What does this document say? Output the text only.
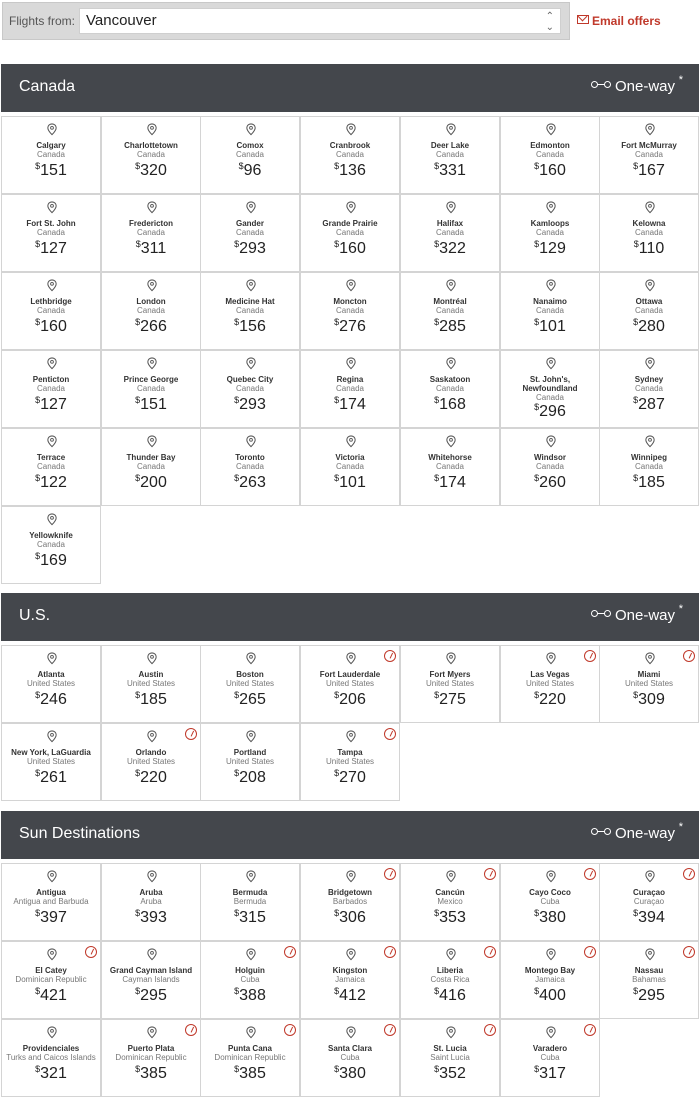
Flights from: Vancouver	⌃
⌄	Email offers
Canada	One-way *
Calgary
Canada
$151
Charlottetown
Canada
$320
Comox
Canada
$96
Cranbrook
Canada
$136
Deer Lake
Canada
$331
Edmonton
Canada
$160
Fort McMurray
Canada
$167
Fort St. John
Canada
$127
Fredericton
Canada
$311
Gander
Canada
$293
Grande Prairie
Canada
$160
Halifax
Canada
$322
Kamloops
Canada
$129
Kelowna
Canada
$110
Lethbridge
Canada
$160
London
Canada
$266
Medicine Hat
Canada
$156
Moncton
Canada
$276
Montréal
Canada
$285
Nanaimo
Canada
$101
Ottawa
Canada
$280
Penticton
Canada
$127
Prince George
Canada
$151
Quebec City
Canada
$293
Regina
Canada
$174
Saskatoon
Canada
$168
St. John's, Newfoundland
Canada
$296
Sydney
Canada
$287
Terrace
Canada
$122
Thunder Bay
Canada
$200
Toronto
Canada
$263
Victoria
Canada
$101
Whitehorse
Canada
$174
Windsor
Canada
$260
Winnipeg
Canada
$185
Yellowknife
Canada
$169
U.S.	One-way *
Atlanta
United States
$246
Austin
United States
$185
Boston
United States
$265
Fort Lauderdale
United States
$206
Fort Myers
United States
$275
Las Vegas
United States
$220
Miami
United States
$309
New York, LaGuardia
United States
$261
Orlando
United States
$220
Portland
United States
$208
Tampa
United States
$270
Sun Destinations	One-way *
Antigua
Antigua and Barbuda
$397
Aruba
Aruba
$393
Bermuda
Bermuda
$315
Bridgetown
Barbados
$306
Cancún
Mexico
$353
Cayo Coco
Cuba
$380
Curaçao
Curaçao
$394
El Catey
Dominican Republic
$421
Grand Cayman Island
Cayman Islands
$295
Holguin
Cuba
$388
Kingston
Jamaica
$412
Liberia
Costa Rica
$416
Montego Bay
Jamaica
$400
Nassau
Bahamas
$295
Providenciales
Turks and Caicos Islands
$321
Puerto Plata
Dominican Republic
$385
Punta Cana
Dominican Republic
$385
Santa Clara
Cuba
$380
St. Lucia
Saint Lucia
$352
Varadero
Cuba
$317
